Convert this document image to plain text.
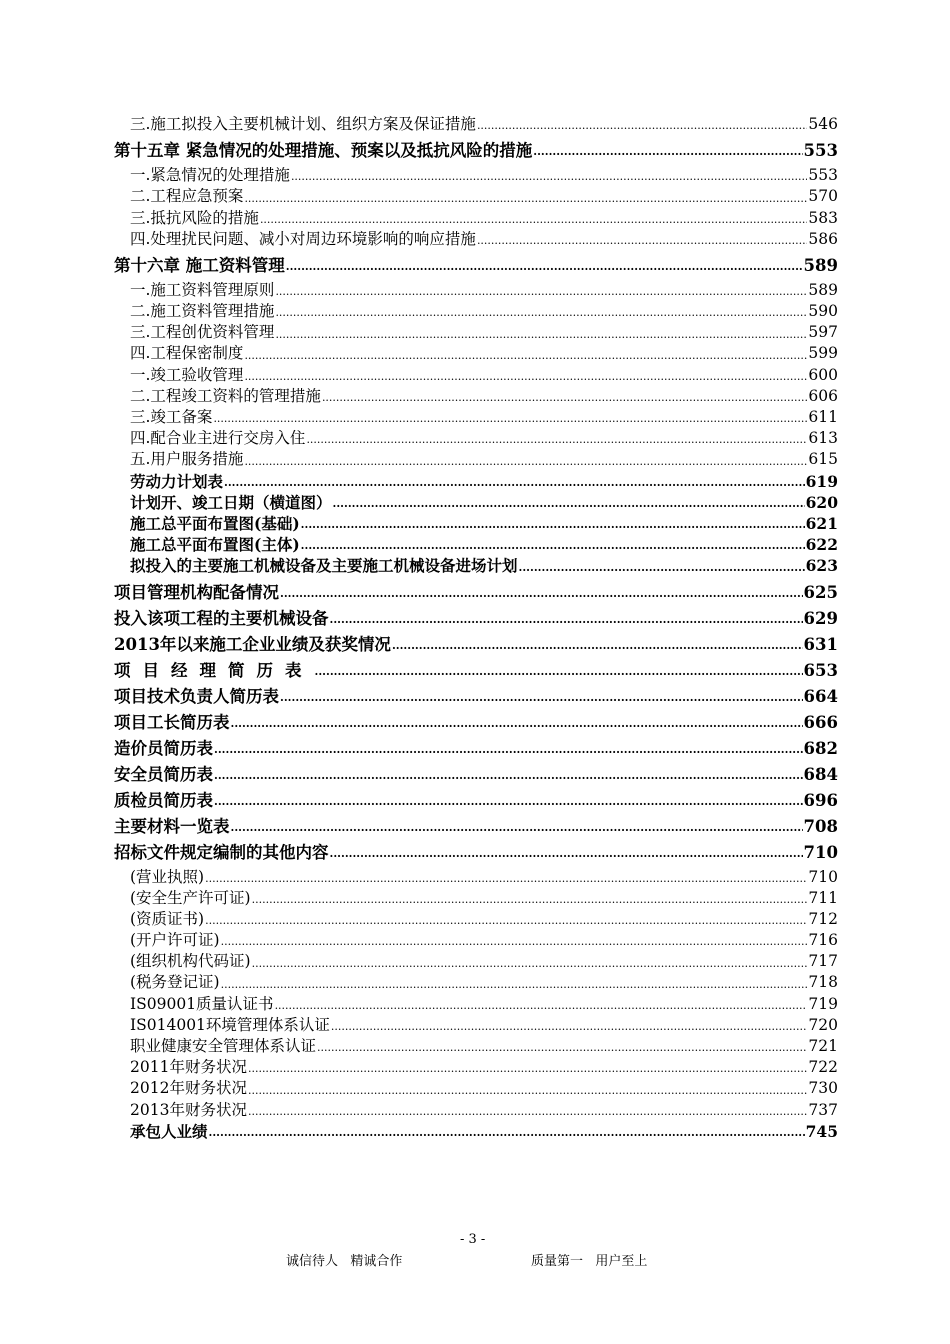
三.施工拟投入主要机械计划、组织方案及保证措施 .....	546
第十五章 紧急情况的处理措施、预案以及抵抗风险的措施 .....	553
一.紧急情况的处理措施 .....	553
二.工程应急预案 .....	570
三.抵抗风险的措施 .....	583
四.处理扰民问题、减小对周边环境影响的响应措施 .....	586
第十六章 施工资料管理 .....	589
一.施工资料管理原则 .....	589
二.施工资料管理措施 .....	590
三.工程创优资料管理 .....	597
四.工程保密制度 .....	599
一.竣工验收管理 .....	600
二.工程竣工资料的管理措施 .....	606
三.竣工备案 .....	611
四.配合业主进行交房入住 .....	613
五.用户服务措施 .....	615
劳动力计划表 .....	619
计划开、竣工日期（横道图） .....	620
施工总平面布置图(基础) .....	621
施工总平面布置图(主体) .....	622
拟投入的主要施工机械设备及主要施工机械设备进场计划 .....	623
项目管理机构配备情况 .....	625
投入该项工程的主要机械设备 .....	629
2013年以来施工企业业绩及获奖情况 .....	631
项目经理简历表 .....	653
项目技术负责人简历表 .....	664
项目工长简历表 .....	666
造价员简历表 .....	682
安全员简历表 .....	684
质检员简历表 .....	696
主要材料一览表 .....	708
招标文件规定编制的其他内容 .....	710
(营业执照) .....	710
(安全生产许可证) .....	711
(资质证书) .....	712
(开户许可证) .....	716
(组织机构代码证) .....	717
(税务登记证) .....	718
IS09001质量认证书 .....	719
IS014001环境管理体系认证 .....	720
职业健康安全管理体系认证 .....	721
2011年财务状况 .....	722
2012年财务状况 .....	730
2013年财务状况 .....	737
承包人业绩 .....	745
- 3 -
诚信待人   精诚合作	质量第一   用户至上
